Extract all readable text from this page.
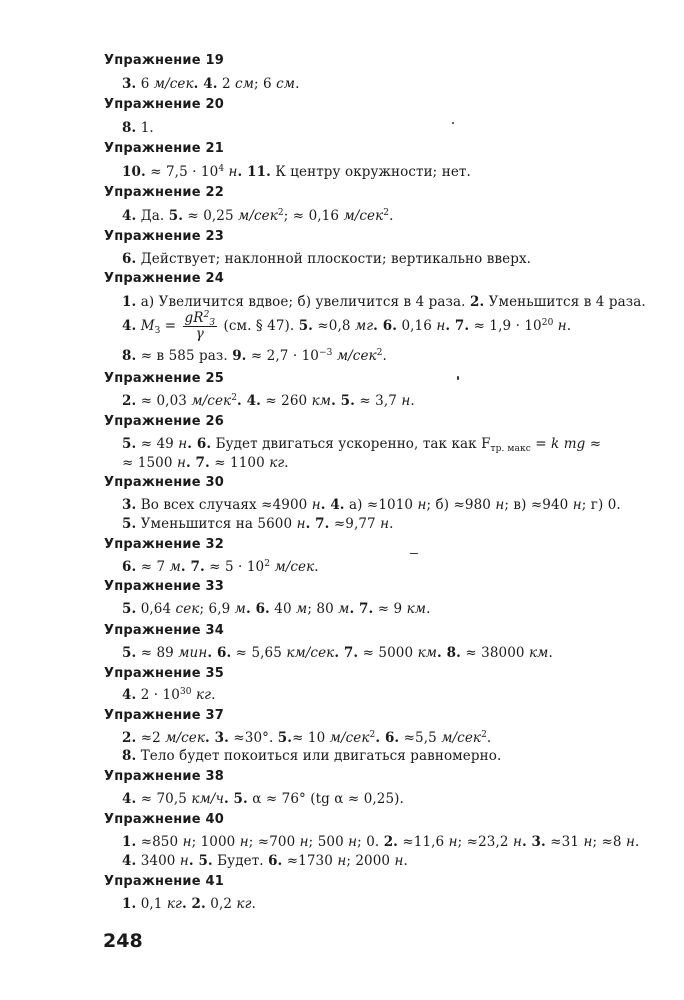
Упражнение 19
3. 6 м/сек. 4. 2 см; 6 см.
Упражнение 20
8. 1.
Упражнение 21
10. ≈ $7,5 \cdot 10^4$ н. 11. К центру окружности; нет.
Упражнение 22
4. Да. 5. ≈ 0,25 м/сек$^2$; ≈ 0,16 м/сек$^2$.
Упражнение 23
6. Действует; наклонной плоскости; вертикально вверх.
Упражнение 24
1. а) Увеличится вдвое; б) увеличится в 4 раза. 2. Уменьшится в 4 раза.
4. $M_З = \frac{gR^2_З}{\gamma} (см$. § 47). 5. ≈0,8 мг. 6. 0,16 н. 7. ≈ $1,9 \cdot 10^{20}$ н.
8. ≈ в 585 раз. 9. ≈ $2,7 \cdot 10^{-3}$ м/сек$^2$.
Упражнение 25
2. ≈ 0,03 м/сек$^2$. 4. ≈ 260 км. 5. ≈ 3,7 н.
Упражнение 26
5. ≈ 49 н. 6. Будет двигаться ускоренно, так как $F_{тр. макс} = k$ mg ≈
≈ 1500 н. 7. ≈ 1100 кг.
Упражнение 30
3. Во всех случаях ≈4900 н. 4. а) ≈1010 н; б) ≈980 н; в) ≈940 н; г) 0.
5. Уменьшится на 5600 н. 7. ≈9,77 н.
Упражнение 32
6. ≈ 7 м. 7. ≈ $5 \cdot 10^2$ м/сек.
Упражнение 33
5. 0,64 сек; 6,9 м. 6. 40 м; 80 м. 7. ≈ 9 км.
Упражнение 34
5. ≈ 89 мин. 6. ≈ 5,65 км/сек. 7. ≈ 5000 км. 8. ≈ 38000 км.
Упражнение 35
4. $2 \cdot 10^{30}$ кг.
Упражнение 37
2. ≈2 м/сек. 3. ≈30°. 5.≈ 10 м/сек$^2$. 6. ≈5,5 м/сек$^2$.
8. Тело будет покоиться или двигаться равномерно.
Упражнение 38
4. ≈ 70,5 км/ч. 5. α ≈ 76° (tg α ≈ 0,25).
Упражнение 40
1. ≈850 н; 1000 н; ≈700 н; 500 н; 0. 2. ≈11,6 н; ≈23,2 н. 3. ≈31 н; ≈8 н.
4. 3400 н. 5. Будет. 6. ≈1730 н; 2000 н.
Упражнение 41
1. 0,1 кг. 2. 0,2 кг.
248
